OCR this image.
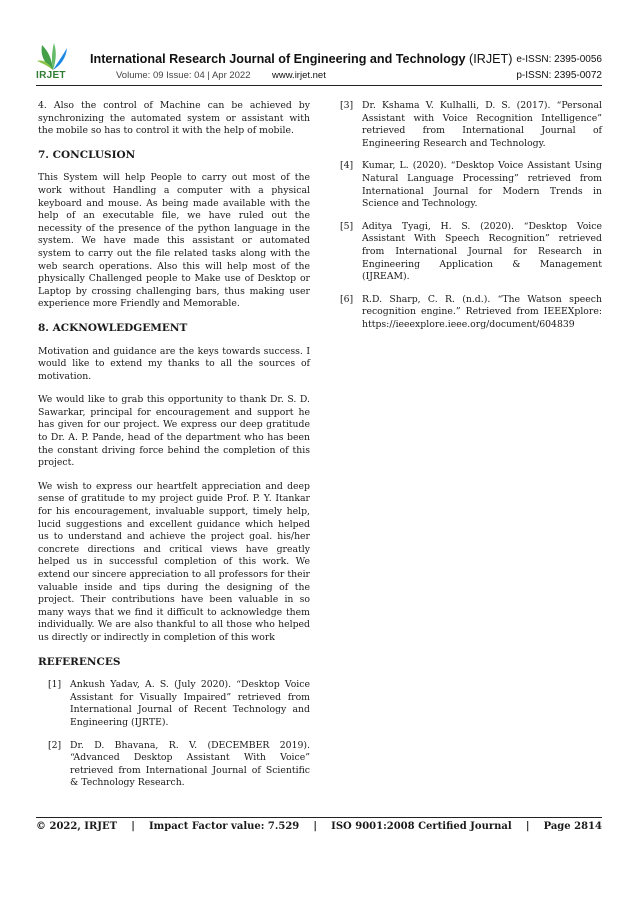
IRJET
International Research Journal of Engineering and Technology (IRJET) e-ISSN: 2395-0056
Volume: 09 Issue: 04 | Apr 2022 www.irjet.net	p-ISSN: 2395-0072

4. Also the control of Machine can be achieved by synchronizing the automated system or assistant with the mobile so has to control it with the help of mobile.

7. CONCLUSION

This System will help People to carry out most of the work without Handling a computer with a physical keyboard and mouse. As being made available with the help of an executable file, we have ruled out the necessity of the presence of the python language in the system. We have made this assistant or automated system to carry out the file related tasks along with the web search operations. Also this will help most of the physically Challenged people to Make use of Desktop or Laptop by crossing challenging bars, thus making user experience more Friendly and Memorable.

8. ACKNOWLEDGEMENT

Motivation and guidance are the keys towards success. I would like to extend my thanks to all the sources of motivation.

We would like to grab this opportunity to thank Dr. S. D. Sawarkar, principal for encouragement and support he has given for our project. We express our deep gratitude to Dr. A. P. Pande, head of the department who has been the constant driving force behind the completion of this project.

We wish to express our heartfelt appreciation and deep sense of gratitude to my project guide Prof. P. Y. Itankar for his encouragement, invaluable support, timely help, lucid suggestions and excellent guidance which helped us to understand and achieve the project goal. his/her concrete directions and critical views have greatly helped us in successful completion of this work. We extend our sincere appreciation to all professors for their valuable inside and tips during the designing of the project. Their contributions have been valuable in so many ways that we find it difficult to acknowledge them individually. We are also thankful to all those who helped us directly or indirectly in completion of this work

REFERENCES
[1] Ankush Yadav, A. S. (July 2020). “Desktop Voice Assistant for Visually Impaired” retrieved from International Journal of Recent Technology and Engineering (IJRTE).
[2] Dr. D. Bhavana, R. V. (DECEMBER 2019). “Advanced Desktop Assistant With Voice” retrieved from International Journal of Scientific & Technology Research.
[3] Dr. Kshama V. Kulhalli, D. S. (2017). “Personal Assistant with Voice Recognition Intelligence” retrieved from International Journal of Engineering Research and Technology.
[4] Kumar, L. (2020). “Desktop Voice Assistant Using Natural Language Processing” retrieved from International Journal for Modern Trends in Science and Technology.
[5] Aditya Tyagi, H. S. (2020). “Desktop Voice Assistant With Speech Recognition” retrieved from International Journal for Research in Engineering Application & Management (IJREAM).
[6] R.D. Sharp, C. R. (n.d.). “The Watson speech recognition engine.” Retrieved from IEEEXplore: https://ieeexplore.ieee.org/document/604839
© 2022, IRJET | Impact Factor value: 7.529 | ISO 9001:2008 Certified Journal | Page 2814
